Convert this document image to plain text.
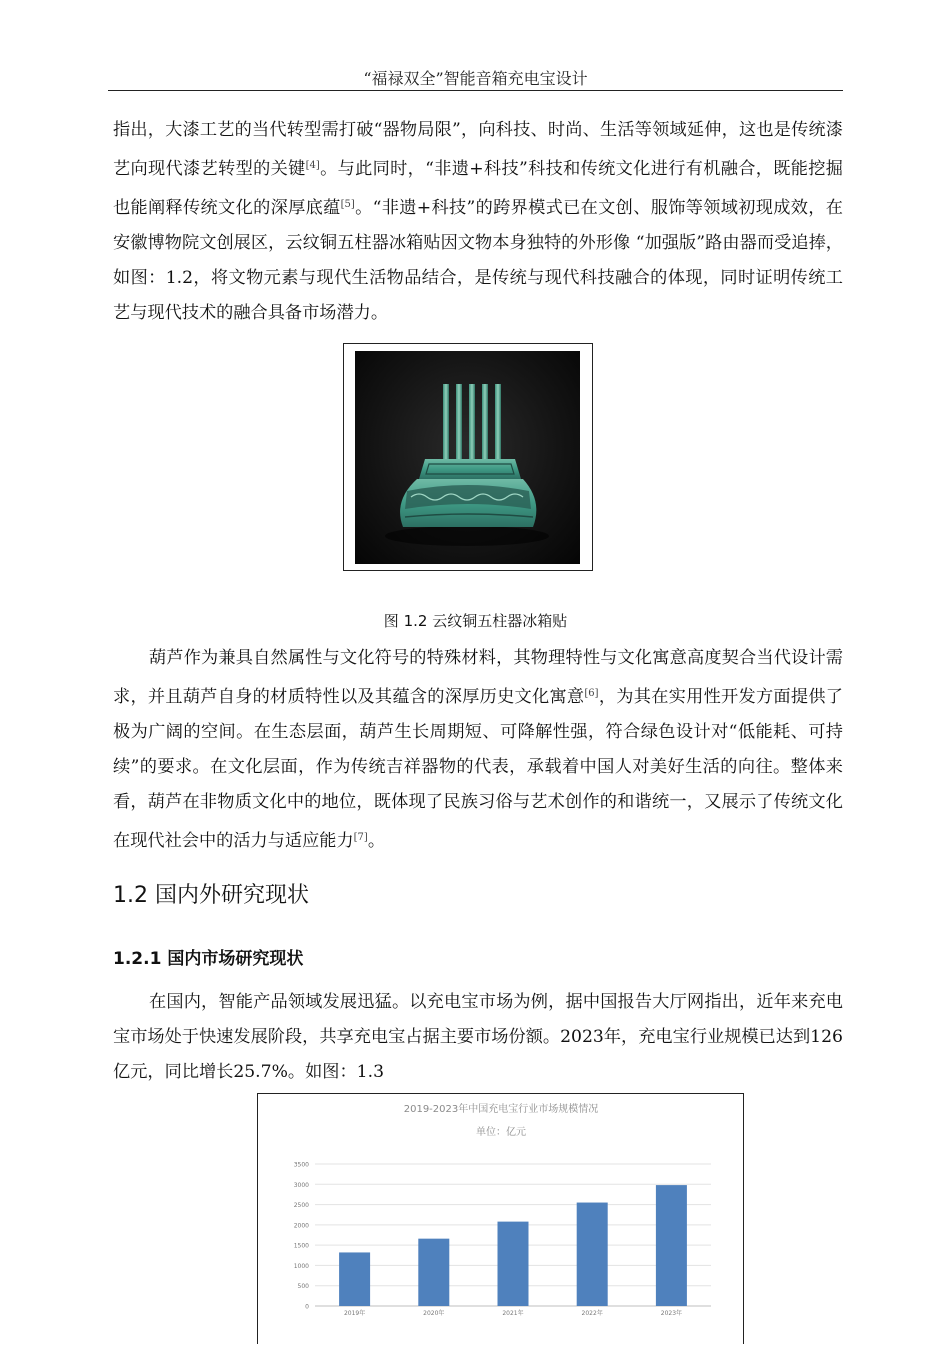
“福禄双全”智能音箱充电宝设计

指出，大漆工艺的当代转型需打破“器物局限”，向科技、时尚、生活等领域延伸，这也是传统漆艺向现代漆艺转型的关键[4]。与此同时，“非遗+科技”科技和传统文化进行有机融合，既能挖掘也能阐释传统文化的深厚底蕴[5]。“非遗+科技”的跨界模式已在文创、服饰等领域初现成效，在安徽博物院文创展区，云纹铜五柱器冰箱贴因文物本身独特的外形像 “加强版”路由器而受追捧，如图：1.2，将文物元素与现代生活物品结合，是传统与现代科技融合的体现，同时证明传统工艺与现代技术的融合具备市场潜力。

图 1.2 云纹铜五柱器冰箱贴

葫芦作为兼具自然属性与文化符号的特殊材料，其物理特性与文化寓意高度契合当代设计需求，并且葫芦自身的材质特性以及其蕴含的深厚历史文化寓意[6]，为其在实用性开发方面提供了极为广阔的空间。在生态层面，葫芦生长周期短、可降解性强，符合绿色设计对“低能耗、可持续”的要求。在文化层面，作为传统吉祥器物的代表，承载着中国人对美好生活的向往。整体来看，葫芦在非物质文化中的地位，既体现了民族习俗与艺术创作的和谐统一，又展示了传统文化在现代社会中的活力与适应能力[7]。

1.2 国内外研究现状
1.2.1 国内市场研究现状

在国内，智能产品领域发展迅猛。以充电宝市场为例，据中国报告大厅网指出，近年来充电宝市场处于快速发展阶段，共享充电宝占据主要市场份额。2023年，充电宝行业规模已达到126亿元，同比增长25.7%。如图：1.3

2019-2023年中国充电宝行业市场规模情况
单位：亿元
2019年	2020年	2021年	2022年	2023年
0
500
1000
1500
2000
2500
3000
3500
